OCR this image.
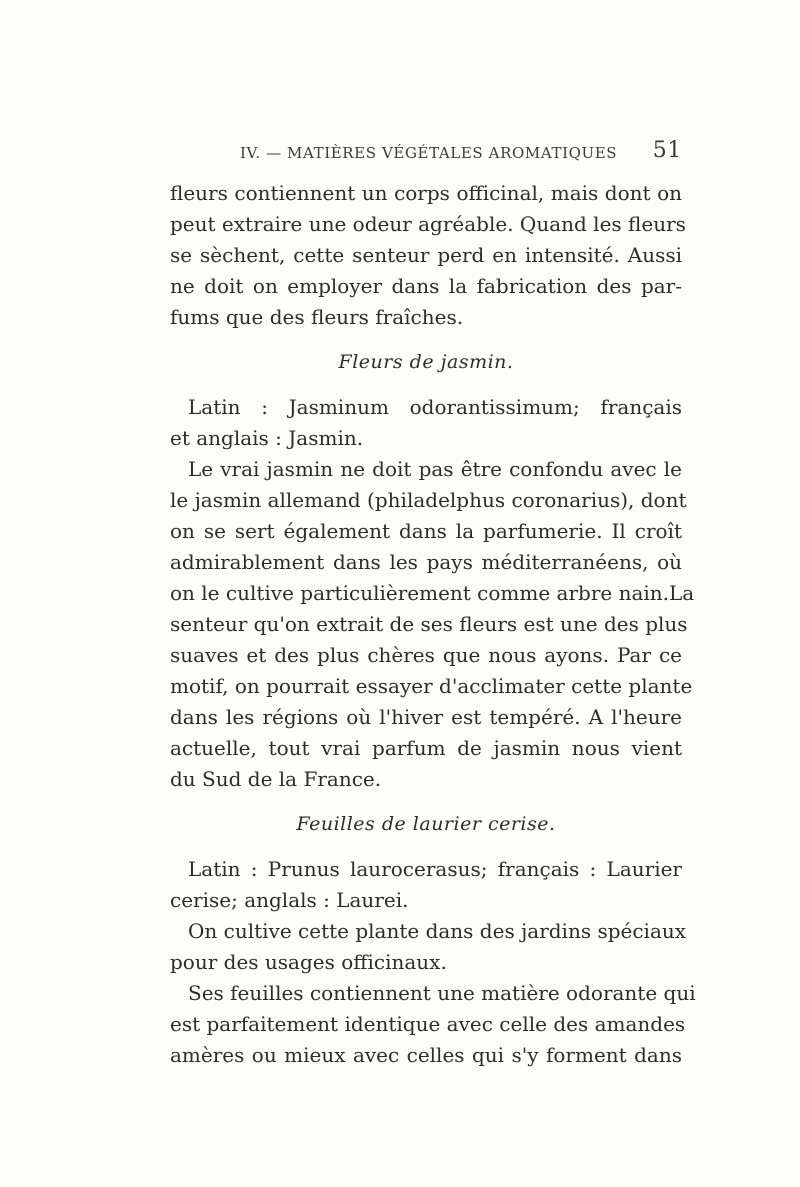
IV. — MATIÈRES VÉGÉTALES AROMATIQUES 51

fleurs contiennent un corps officinal, mais dont on
peut extraire une odeur agréable. Quand les fleurs
se sèchent, cette senteur perd en intensité. Aussi
ne doit on employer dans la fabrication des par-
fums que des fleurs fraîches.

Fleurs de jasmin.

Latin : Jasminum odorantissimum; français
et anglais : Jasmin.

Le vrai jasmin ne doit pas être confondu avec le
le jasmin allemand (philadelphus coronarius), dont
on se sert également dans la parfumerie. Il croît
admirablement dans les pays méditerranéens, où
on le cultive particulièrement comme arbre nain.La
senteur qu'on extrait de ses fleurs est une des plus
suaves et des plus chères que nous ayons. Par ce
motif, on pourrait essayer d'acclimater cette plante
dans les régions où l'hiver est tempéré. A l'heure
actuelle, tout vrai parfum de jasmin nous vient
du Sud de la France.

Feuilles de laurier cerise.

Latin : Prunus laurocerasus; français : Laurier
cerise; anglals : Laurei.

On cultive cette plante dans des jardins spéciaux
pour des usages officinaux.

Ses feuilles contiennent une matière odorante qui
est parfaitement identique avec celle des amandes
amères ou mieux avec celles qui s'y forment dans
